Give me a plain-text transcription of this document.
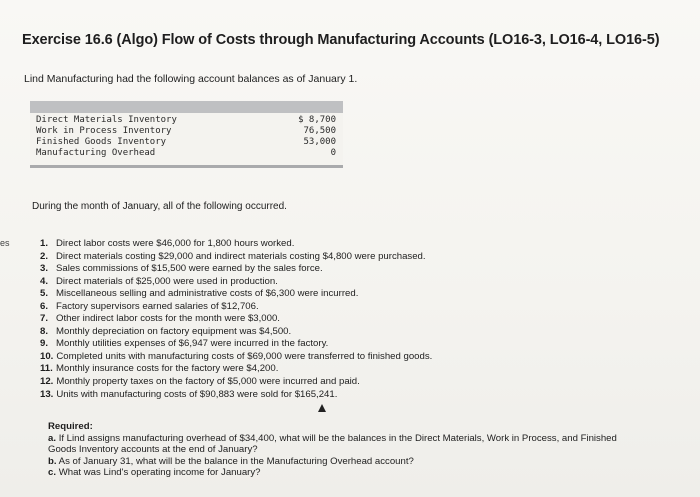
Exercise 16.6 (Algo) Flow of Costs through Manufacturing Accounts (LO16-3, LO16-4, LO16-5)
Lind Manufacturing had the following account balances as of January 1.
Direct Materials Inventory	$ 8,700
Work in Process Inventory	76,500
Finished Goods Inventory	53,000
Manufacturing Overhead	0
During the month of January, all of the following occurred.
es	1. Direct labor costs were $46,000 for 1,800 hours worked.
2. Direct materials costing $29,000 and indirect materials costing $4,800 were purchased.
3. Sales commissions of $15,500 were earned by the sales force.
4. Direct materials of $25,000 were used in production.
5. Miscellaneous selling and administrative costs of $6,300 were incurred.
6. Factory supervisors earned salaries of $12,706.
7. Other indirect labor costs for the month were $3,000.
8. Monthly depreciation on factory equipment was $4,500.
9. Monthly utilities expenses of $6,947 were incurred in the factory.
10. Completed units with manufacturing costs of $69,000 were transferred to finished goods.
11. Monthly insurance costs for the factory were $4,200.
12. Monthly property taxes on the factory of $5,000 were incurred and paid.
13. Units with manufacturing costs of $90,883 were sold for $165,241.
Required:
a. If Lind assigns manufacturing overhead of $34,400, what will be the balances in the Direct Materials, Work in Process, and Finished
Goods Inventory accounts at the end of January?
b. As of January 31, what will be the balance in the Manufacturing Overhead account?
c. What was Lind's operating income for January?
